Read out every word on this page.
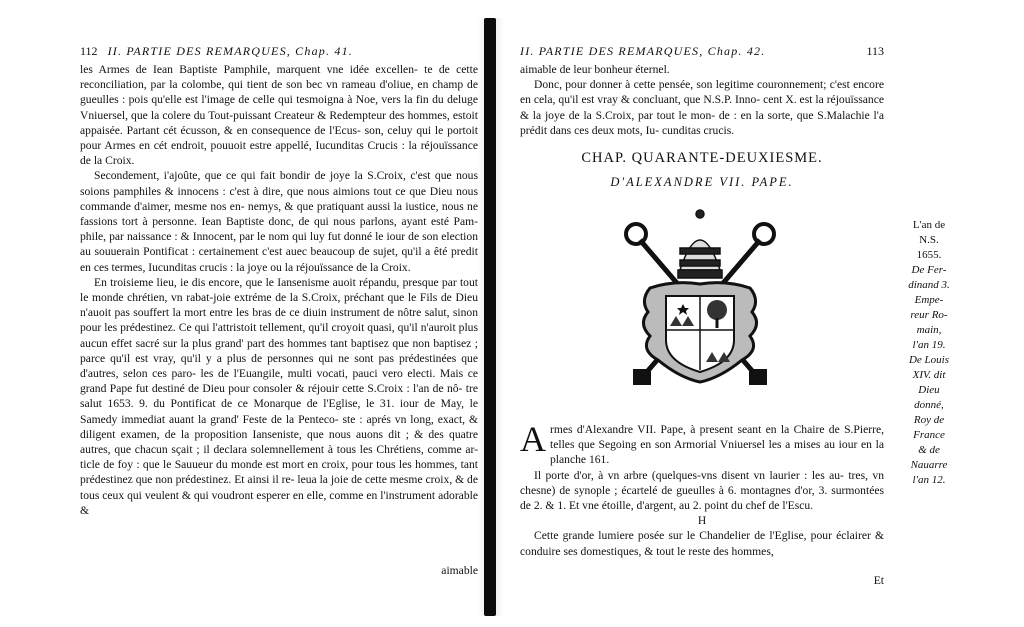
112 II. PARTIE DES REMARQUES, Chap. 41.

les Armes de Iean Baptiste Pamphile, marquent vne idée excellen- te de cette reconciliation, par la colombe, qui tient de son bec vn rameau d'oliue, en champ de gueulles : pois qu'elle est l'image de celle qui tesmoigna à Noe, vers la fin du deluge Vniuersel, que la colere du Tout-puissant Createur & Redempteur des hommes, estoit appaisée. Partant cét écusson, & en consequence de l'Ecus- son, celuy qui le portoit pour Armes en cét endroit, pouuoit estre appellé, Iucunditas Crucis : la réjouïssance de la Croix.

Secondement, i'ajoûte, que ce qui fait bondir de joye la S.Croix, c'est que nous soions pamphiles & innocens : c'est à dire, que nous aimions tout ce que Dieu nous commande d'aimer, mesme nos en- nemys, & que pratiquant aussi la iustice, nous ne fassions tort à personne. Iean Baptiste donc, de qui nous parlons, ayant esté Pam- phile, par naissance : & Innocent, par le nom qui luy fut donné le iour de son election au souuerain Pontificat : certainement c'est auec beaucoup de sujet, qu'il a êté predit en ces termes, Iucunditas crucis : la joye ou la réjouïssance de la Croix.

En troisieme lieu, ie dis encore, que le Iansenisme auoit répandu, presque par tout le monde chrétien, vn rabat-joie extréme de la S.Croix, préchant que le Fils de Dieu n'auoit pas souffert la mort entre les bras de ce diuin instrument de nôtre salut, sinon pour les prédestinez. Ce qui l'attristoit tellement, qu'il croyoit quasi, qu'il n'auroit plus aucun effet sacré sur la plus grand' part des hommes tant baptisez que non baptisez ; parce qu'il est vray, qu'il y a plus de personnes qui ne sont pas prédestinées que d'autres, selon ces paro- les de l'Euangile, multi vocati, pauci vero electi. Mais ce grand Pape fut destiné de Dieu pour consoler & réjouir cette S.Croix : l'an de nô- tre salut 1653. 9. du Pontificat de ce Monarque de l'Eglise, le 31. iour de May, le Samedy immediat auant la grand' Feste de la Penteco- ste : aprés vn long, exact, & diligent examen, de la proposition Ianseniste, que nous auons dit ; & des quatre autres, que chacun sçait ; il declara solemnellement à tous les Chrétiens, comme ar- ticle de foy : que le Sauueur du monde est mort en croix, pour tous les hommes, tant prédestinez que non prédestinez. Et ainsi il re- leua la joie de cette mesme croix, & de tous ceux qui veulent & qui voudront esperer en elle, comme en l'instrument adorable &

aimable
II. PARTIE DES REMARQUES, Chap. 42.	113

aimable de leur bonheur éternel.

Donc, pour donner à cette pensée, son legitime couronnement; c'est encore en cela, qu'il est vray & concluant, que N.S.P. Inno- cent X. est la réjouïssance & la joye de la S.Croix, par tout le mon- de : en la sorte, que S.Malachie l'a prédit dans ces deux mots, Iu- cunditas crucis.

CHAP. QUARANTE-DEUXIESME.
D'ALEXANDRE VII. PAPE.

Armes d'Alexandre VII. Pape, à present seant en la Chaire de S.Pierre, telles que Segoing en son Armorial Vniuersel les a mises au iour en la planche 161.

Il porte d'or, à vn arbre (quelques-vns disent vn laurier : les au- tres, vn chesne) de synople ; écartelé de gueulles à 6. montagnes d'or, 3. surmontées de 2. & 1. Et vne étoille, d'argent, au 2. point du chef de l'Escu.

H

Cette grande lumiere posée sur le Chandelier de l'Eglise, pour éclairer & conduire ses domestiques, & tout le reste des hommes,

Et
L'an de
N.S.
1655.
De Fer-
dinand 3.
Empe-
reur Ro-
main,
l'an 19.
De Louis
XIV. dit
Dieu
donné,
Roy de
France
& de
Nauarre
l'an 12.
